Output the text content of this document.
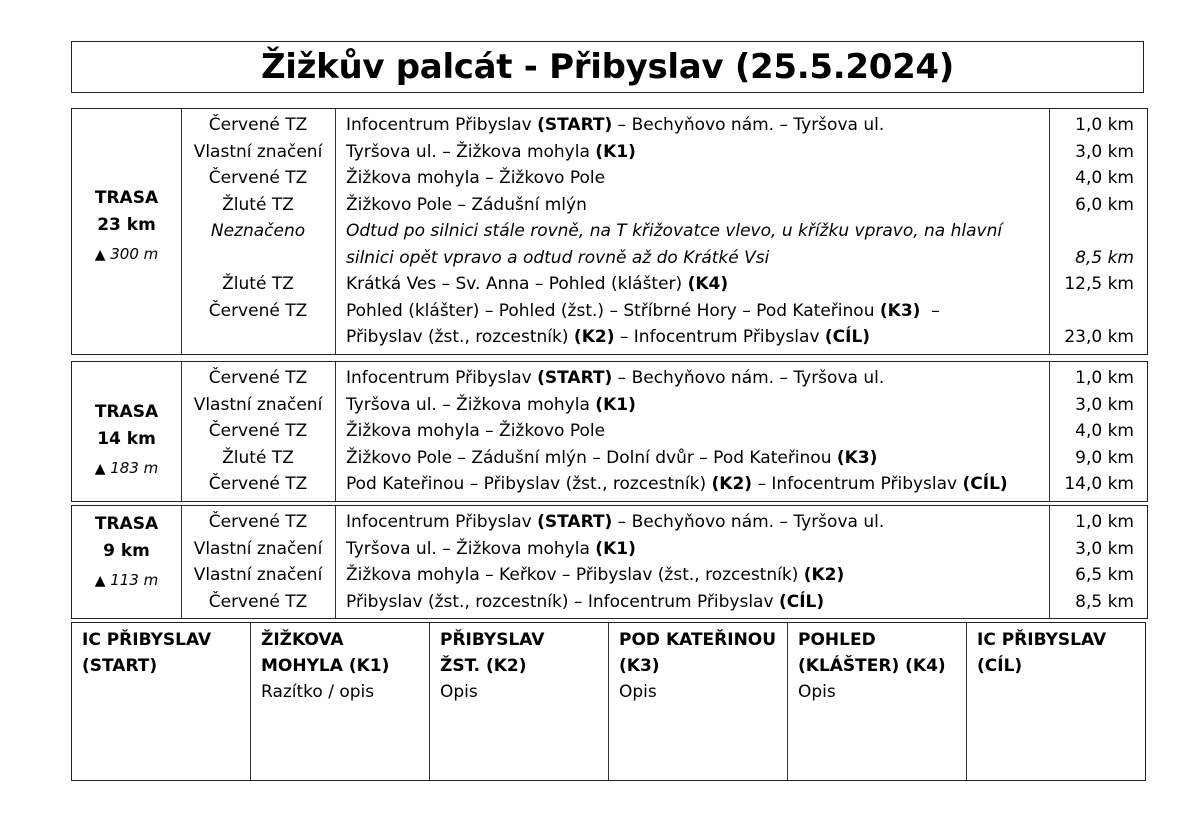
Žižkův palcát - Přibyslav (25.5.2024)
TRASA
23 km
▲ 300 m
Červené TZ	Infocentrum Přibyslav (START) – Bechyňovo nám. – Tyršova ul.	1,0 km
Vlastní značení	Tyršova ul. – Žižkova mohyla (K1)	3,0 km
Červené TZ	Žižkova mohyla – Žižkovo Pole	4,0 km
Žluté TZ	Žižkovo Pole – Zádušní mlýn	6,0 km
Neznačeno	Odtud po silnici stále rovně, na T křižovatce vlevo, u křížku vpravo, na hlavní
silnici opět vpravo a odtud rovně až do Krátké Vsi	8,5 km
Žluté TZ	Krátká Ves – Sv. Anna – Pohled (klášter) (K4)	12,5 km
Červené TZ	Pohled (klášter) – Pohled (žst.) – Stříbrné Hory – Pod Kateřinou (K3)  –
Přibyslav (žst., rozcestník) (K2) – Infocentrum Přibyslav (CÍL)	23,0 km
TRASA
14 km
▲ 183 m
Červené TZ	Infocentrum Přibyslav (START) – Bechyňovo nám. – Tyršova ul.	1,0 km
Vlastní značení	Tyršova ul. – Žižkova mohyla (K1)	3,0 km
Červené TZ	Žižkova mohyla – Žižkovo Pole	4,0 km
Žluté TZ	Žižkovo Pole – Zádušní mlýn – Dolní dvůr – Pod Kateřinou (K3)	9,0 km
Červené TZ	Pod Kateřinou – Přibyslav (žst., rozcestník) (K2) – Infocentrum Přibyslav (CÍL)	14,0 km
TRASA
9 km
▲ 113 m
Červené TZ	Infocentrum Přibyslav (START) – Bechyňovo nám. – Tyršova ul.	1,0 km
Vlastní značení	Tyršova ul. – Žižkova mohyla (K1)	3,0 km
Vlastní značení	Žižkova mohyla – Keřkov – Přibyslav (žst., rozcestník) (K2)	6,5 km
Červené TZ	Přibyslav (žst., rozcestník) – Infocentrum Přibyslav (CÍL)	8,5 km
IC PŘIBYSLAV
(START)
ŽIŽKOVA
MOHYLA (K1)
Razítko / opis
PŘIBYSLAV
ŽST. (K2)
Opis
POD KATEŘINOU
(K3)
Opis
POHLED
(KLÁŠTER) (K4)
Opis
IC PŘIBYSLAV
(CÍL)
